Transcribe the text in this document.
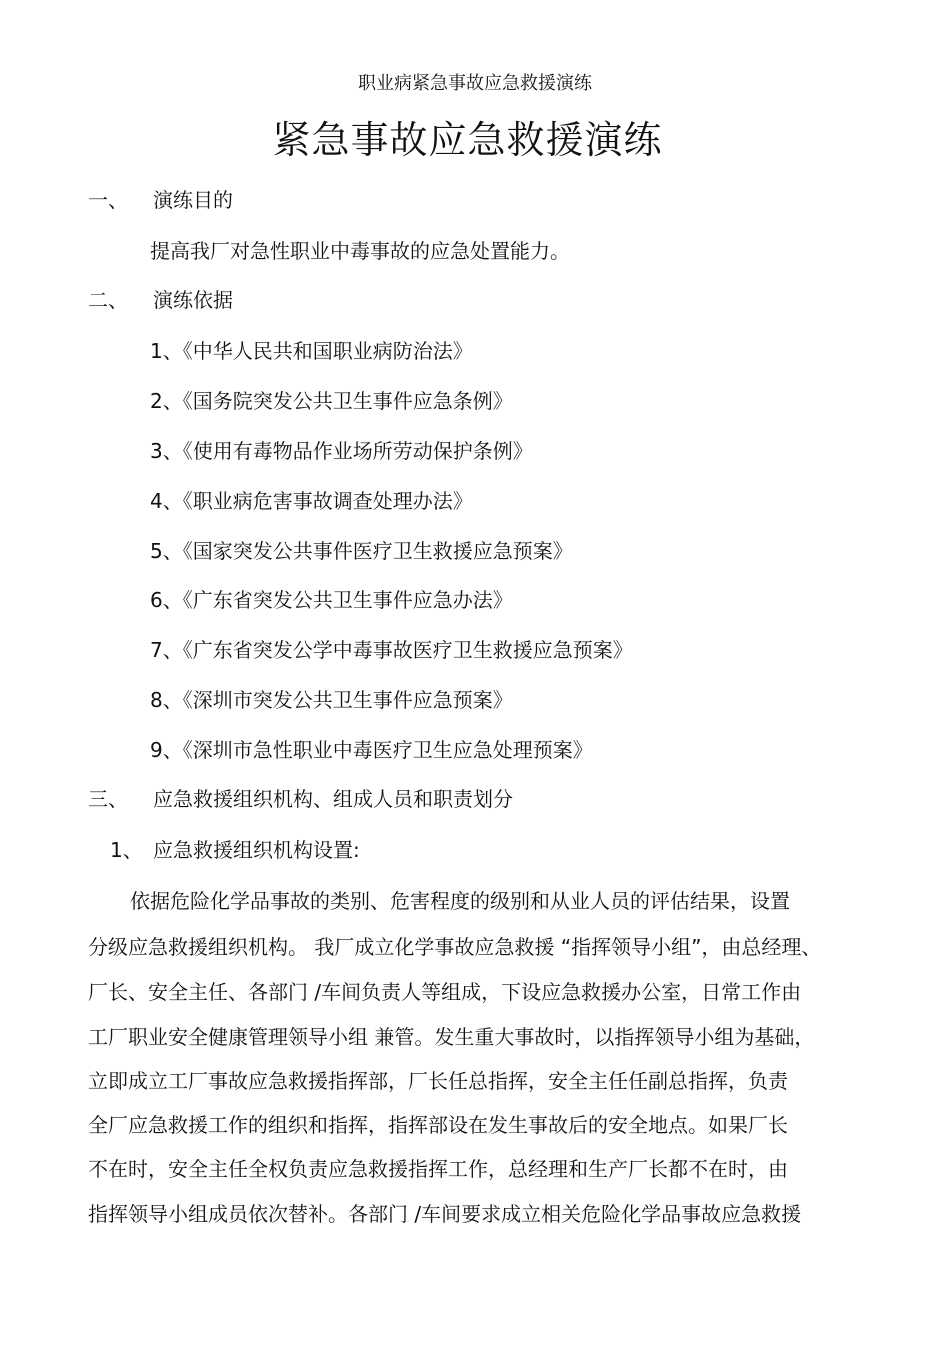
职业病紧急事故应急救援演练
紧急事故应急救援演练
一、 演练目的
提高我厂对急性职业中毒事故的应急处置能力。
二、 演练依据
1、《中华人民共和国职业病防治法》
2、《国务院突发公共卫生事件应急条例》
3、《使用有毒物品作业场所劳动保护条例》
4、《职业病危害事故调查处理办法》
5、《国家突发公共事件医疗卫生救援应急预案》
6、《广东省突发公共卫生事件应急办法》
7、《广东省突发公学中毒事故医疗卫生救援应急预案》
8、《深圳市突发公共卫生事件应急预案》
9、《深圳市急性职业中毒医疗卫生应急处理预案》
三、 应急救援组织机构、组成人员和职责划分
1、 应急救援组织机构设置:
依据危险化学品事故的类别、危害程度的级别和从业人员的评估结果，设置
分级应急救援组织机构。 我厂成立化学事故应急救援 “指挥领导小组”，由总经理、
厂长、安全主任、各部门 /车间负责人等组成，下设应急救援办公室，日常工作由
工厂职业安全健康管理领导小组 兼管。发生重大事故时，以指挥领导小组为基础，
立即成立工厂事故应急救援指挥部，厂长任总指挥，安全主任任副总指挥，负责
全厂应急救援工作的组织和指挥，指挥部设在发生事故后的安全地点。如果厂长
不在时，安全主任全权负责应急救援指挥工作，总经理和生产厂长都不在时，由
指挥领导小组成员依次替补。各部门 /车间要求成立相关危险化学品事故应急救援
